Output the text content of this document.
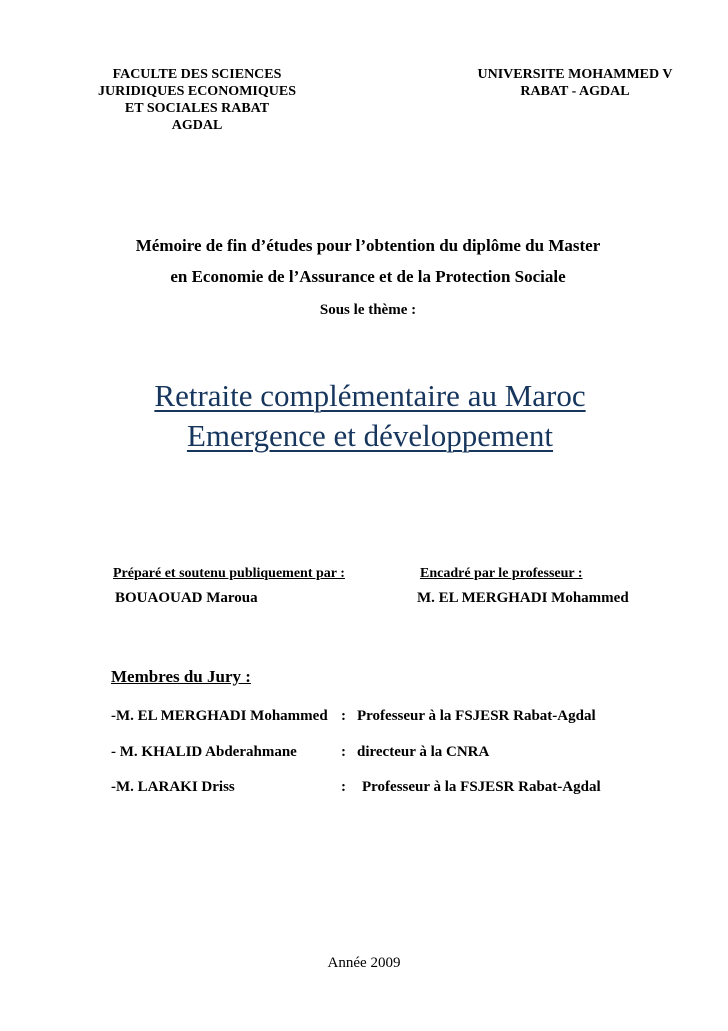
FACULTE DES SCIENCES
JURIDIQUES ECONOMIQUES
ET SOCIALES RABAT
AGDAL
UNIVERSITE MOHAMMED V
RABAT - AGDAL
Mémoire de fin d’études pour l’obtention du diplôme du Master
en Economie de l’Assurance et de la Protection Sociale
Sous le thème :
Retraite complémentaire au Maroc
Emergence et développement
Préparé et soutenu publiquement par :
BOUAOUAD Maroua
Encadré par le professeur :
M. EL MERGHADI Mohammed
Membres du Jury :
-M. EL MERGHADI Mohammed : Professeur à la FSJESR Rabat-Agdal
- M. KHALID Abderahmane	: directeur à la CNRA
-M. LARAKI Driss	: Professeur à la FSJESR Rabat-Agdal
Année 2009
